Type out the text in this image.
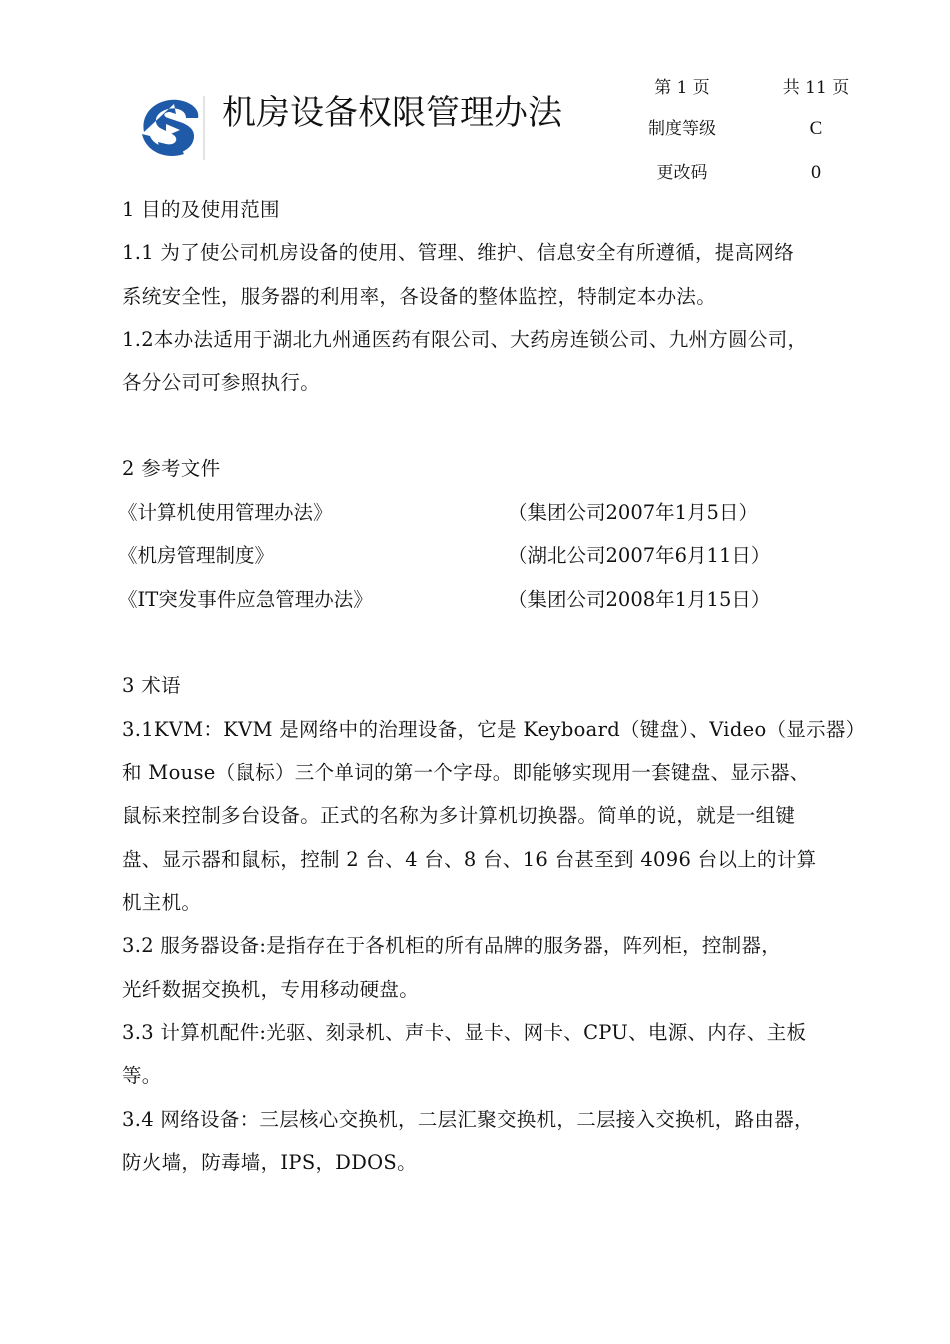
机房设备权限管理办法
第 1 页	共 11 页
制度等级	C
更改码	0
1 目的及使用范围
1.1 为了使公司机房设备的使用、管理、维护、信息安全有所遵循，提高网络
系统安全性，服务器的利用率，各设备的整体监控，特制定本办法。
1.2本办法适用于湖北九州通医药有限公司、大药房连锁公司、九州方圆公司，
各分公司可参照执行。
2 参考文件
《计算机使用管理办法》	（集团公司2007年1月5日）
《机房管理制度》	（湖北公司2007年6月11日）
《IT突发事件应急管理办法》	（集团公司2008年1月15日）
3 术语
3.1KVM：KVM 是网络中的治理设备，它是 Keyboard（键盘）、Video（显示器）
和 Mouse（鼠标）三个单词的第一个字母。即能够实现用一套键盘、显示器、
鼠标来控制多台设备。正式的名称为多计算机切换器。简单的说，就是一组键
盘、显示器和鼠标，控制 2 台、4 台、8 台、16 台甚至到 4096 台以上的计算
机主机。
3.2 服务器设备:是指存在于各机柜的所有品牌的服务器，阵列柜，控制器，
光纤数据交换机，专用移动硬盘。
3.3 计算机配件:光驱、刻录机、声卡、显卡、网卡、CPU、电源、内存、主板
等。
3.4 网络设备：三层核心交换机，二层汇聚交换机，二层接入交换机，路由器，
防火墙，防毒墙，IPS，DDOS。
